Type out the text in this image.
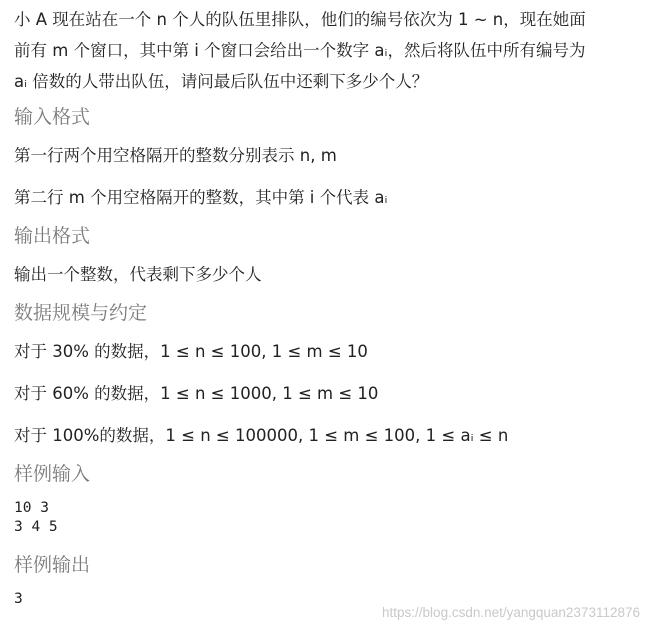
小 A 现在站在一个 n 个人的队伍里排队，他们的编号依次为 1 ∼ n，现在她面
前有 m 个窗口，其中第 i 个窗口会给出一个数字 aᵢ，然后将队伍中所有编号为
aᵢ 倍数的人带出队伍，请问最后队伍中还剩下多少个人？
输入格式
第一行两个用空格隔开的整数分别表示 n, m
第二行 m 个用空格隔开的整数，其中第 i 个代表 aᵢ
输出格式
输出一个整数，代表剩下多少个人
数据规模与约定
对于 30% 的数据，1 ≤ n ≤ 100, 1 ≤ m ≤ 10
对于 60% 的数据，1 ≤ n ≤ 1000, 1 ≤ m ≤ 10
对于 100%的数据，1 ≤ n ≤ 100000, 1 ≤ m ≤ 100, 1 ≤ aᵢ ≤ n
样例输入
10 3
3 4 5
样例输出
3
https://blog.csdn.net/yangquan2373112876
